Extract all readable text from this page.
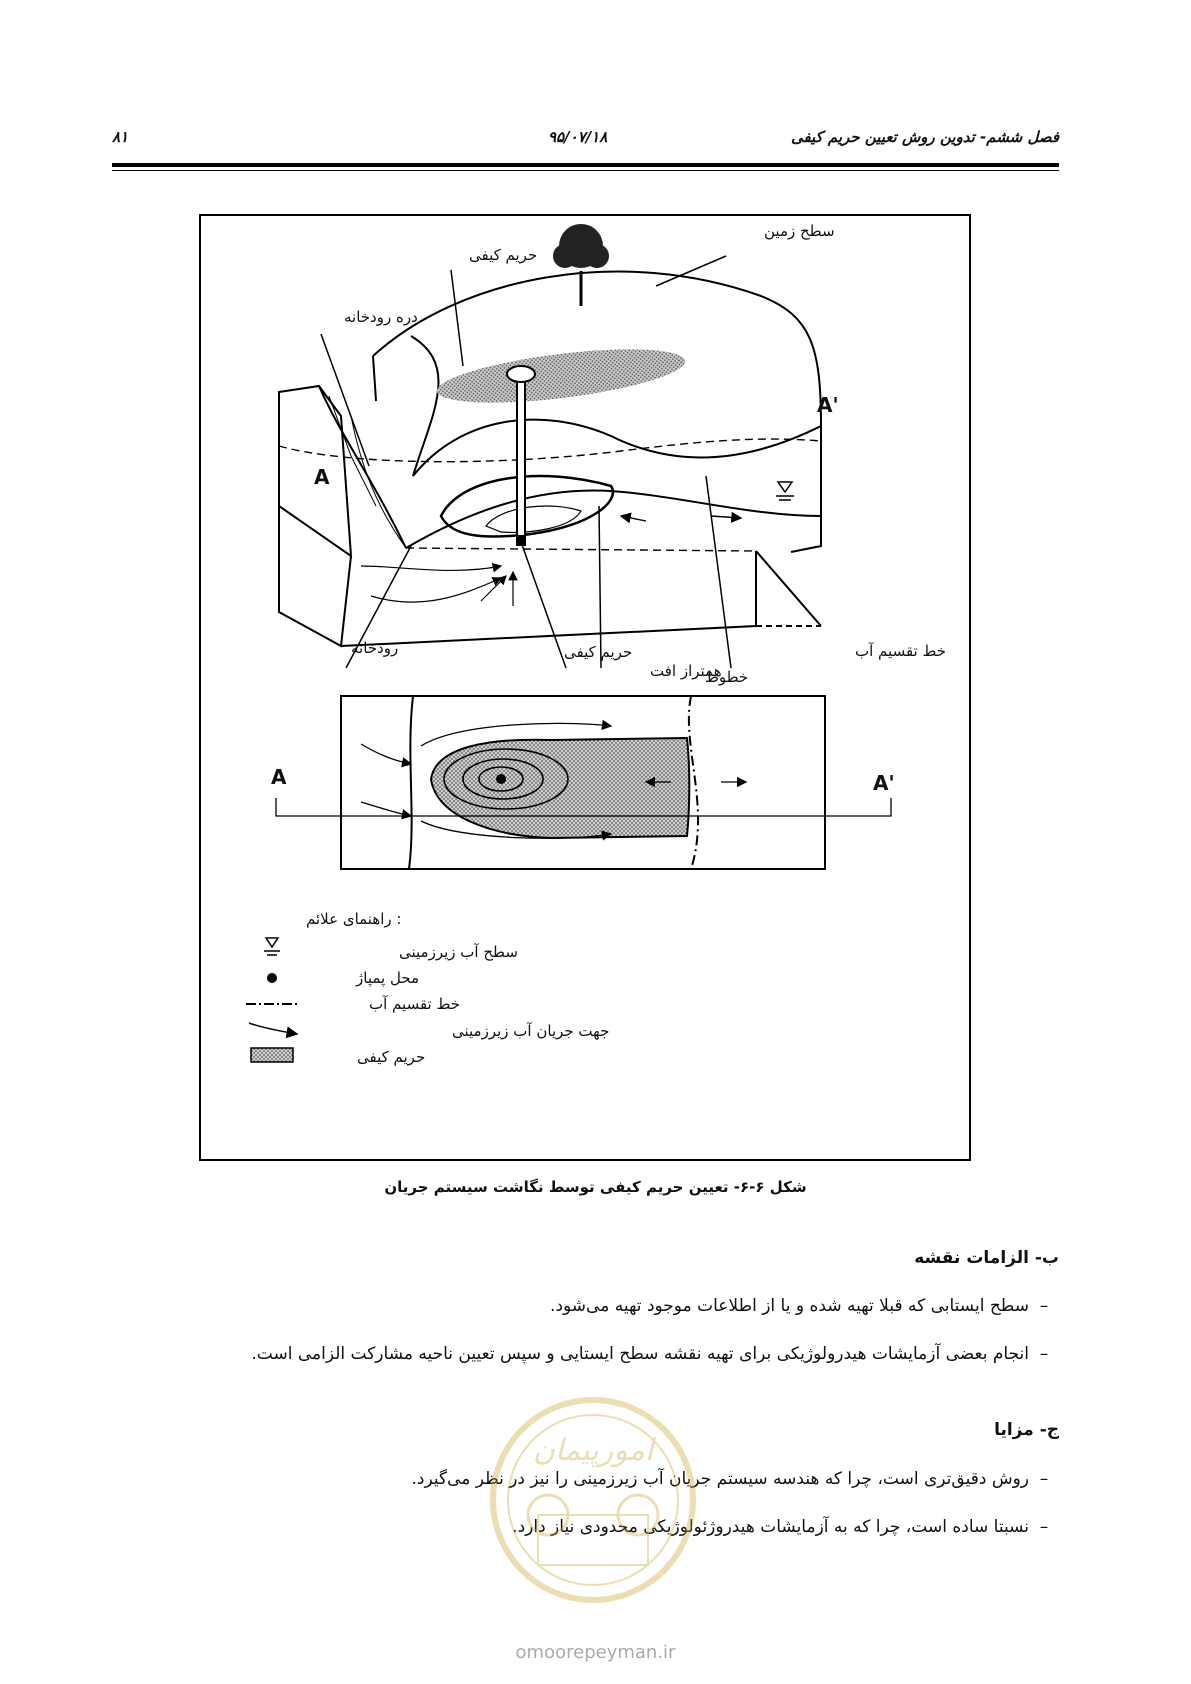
فصل ششم- تدوین روش تعیین حریم کیفی
۹۵/۰۷/۱۸
۸۱
سطح زمین
حریم کیفی
دره رودخانه
A
A'
رودخانه	حریم کیفی
همتراز افت
خطوط
خط تقسیم آب
A	A'
: راهنمای علائم
سطح آب زیرزمینی
محل پمپاژ
خط تقسیم آب
جهت جریان آب زیرزمینی
حریم کیفی
شکل ۶-۶- تعیین حریم کیفی توسط نگاشت سیستم جریان
ب- الزامات نقشه
–سطح ایستابی که قبلا تهیه شده و یا از اطلاعات موجود تهیه می‌شود.
–انجام بعضی آزمایشات هیدرولوژیکی برای تهیه نقشه سطح ایستایی و سپس تعیین ناحیه مشارکت الزامی است.
ج- مزایا
–روش دقیق‌تری است، چرا که هندسه سیستم جریان آب زیرزمینی را نیز در نظر می‌گیرد.
–نسبتا ساده است، چرا که به آزمایشات هیدروژئولوژیکی محدودی نیاز دارد.
امورپیمان
omoorepeyman.ir
